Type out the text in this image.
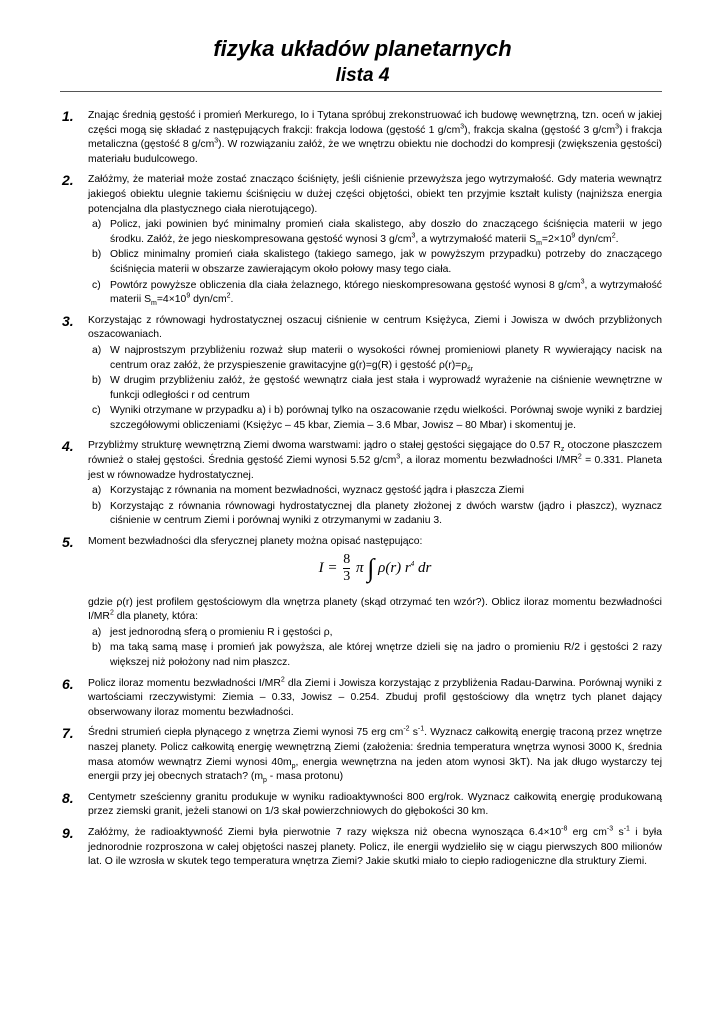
fizyka układów planetarnych
lista 4
1. Znając średnią gęstość i promień Merkurego, Io i Tytana spróbuj zrekonstruować ich budowę wewnętrzną, tzn. oceń w jakiej części mogą się składać z następujących frakcji: frakcja lodowa (gęstość 1 $g/cm^3$), frakcja skalna (gęstość 3 $g/cm^3$) i frakcja metaliczna (gęstość 8 $g/cm^3$). W rozwiązaniu załóż, że we wnętrzu obiektu nie dochodzi do kompresji (zwiększenia gęstości) materiału budulcowego.

2. Załóżmy, że materiał może zostać znacząco ściśnięty, jeśli ciśnienie przewyższa jego wytrzymałość. Gdy materia wewnątrz jakiegoś obiektu ulegnie takiemu ściśnięciu w dużej części objętości, obiekt ten przyjmie kształt kulisty (najniższa energia potencjalna dla plastycznego ciała nierotującego).

a) Policz, jaki powinien być minimalny promień ciała skalistego, aby doszło do znaczącego ściśnięcia materii w jego środku. Załóż, że jego nieskompresowana gęstość wynosi 3 $g/cm^3$, a wytrzymałość materii $S_m=2\times 10^9$ dyn/$cm^2$.

b) Oblicz minimalny promień ciała skalistego (takiego samego, jak w powyższym przypadku) potrzeby do znaczącego ściśnięcia materii w obszarze zawierającym około połowy masy tego ciała.

c) Powtórz powyższe obliczenia dla ciała żelaznego, którego nieskompresowana gęstość wynosi 8 $g/cm^3$, a wytrzymałość materii $S_m=4\times 10^9$ dyn/$cm^2$.

3. Korzystając z równowagi hydrostatycznej oszacuj ciśnienie w centrum Księżyca, Ziemi i Jowisza w dwóch przybliżonych oszacowaniach.

a) W najprostszym przybliżeniu rozważ słup materii o wysokości równej promieniowi planety R wywierający nacisk na centrum oraz załóż, że przyspieszenie grawitacyjne g(r)=g(R) i gęstość $\rho(r)=\rho_{śr}$

b) W drugim przybliżeniu załóż, że gęstość wewnątrz ciała jest stała i wyprowadź wyrażenie na ciśnienie wewnętrzne w funkcji odległości r od centrum

c) Wyniki otrzymane w przypadku a) i b) porównaj tylko na oszacowanie rzędu wielkości. Porównaj swoje wyniki z bardziej szczegółowymi obliczeniami (Księżyc – 45 kbar, Ziemia – 3.6 Mbar, Jowisz – 80 Mbar) i skomentuj je.

4. Przybliżmy strukturę wewnętrzną Ziemi dwoma warstwami: jądro o stałej gęstości sięgające do 0.57 $R_z$ otoczone płaszczem również o stałej gęstości. Średnia gęstość Ziemi wynosi 5.52 $g/cm^3$, a iloraz momentu bezwładności $I/MR^2 = 0.331$. Planeta jest w równowadze hydrostatycznej.

a) Korzystając z równania na moment bezwładności, wyznacz gęstość jądra i płaszcza Ziemi

b) Korzystając z równania równowagi hydrostatycznej dla planety złożonej z dwóch warstw (jądro i płaszcz), wyznacz ciśnienie w centrum Ziemi i porównaj wyniki z otrzymanymi w zadaniu 3.

5. Moment bezwładności dla sferycznej planety można opisać następująco:

$I = \frac{8}{3}$ π ∫ ρ(r) $r^4$ dr

gdzie ρ(r) jest profilem gęstościowym dla wnętrza planety (skąd otrzymać ten wzór?). Oblicz iloraz momentu bezwładności $I/MR^2$ dla planety, która:

a) jest jednorodną sferą o promieniu R i gęstości ρ,

b) ma taką samą masę i promień jak powyższa, ale której wnętrze dzieli się na jadro o promieniu R/2 i gęstości 2 razy większej niż położony nad nim płaszcz.

6. Policz iloraz momentu bezwładności $I/MR^2$ dla Ziemi i Jowisza korzystając z przybliżenia Radau-Darwina. Porównaj wyniki z wartościami rzeczywistymi: Ziemia – 0.33, Jowisz – 0.254. Zbuduj profil gęstościowy dla wnętrz tych planet dający obserwowany iloraz momentu bezwładności.

7. Średni strumień ciepła płynącego z wnętrza Ziemi wynosi 75 erg $cm^{-2}$ $s^{-1}$. Wyznacz całkowitą energię traconą przez wnętrze naszej planety. Policz całkowitą energię wewnętrzną Ziemi (założenia: średnia temperatura wnętrza wynosi 3000 K, średnia masa atomów wewnątrz Ziemi wynosi $40m_p$, energia wewnętrzna na jeden atom wynosi 3kT). Na jak długo wystarczy tej energii przy jej obecnych stratach? ($m_p$ - masa protonu)

8. Centymetr sześcienny granitu produkuje w wyniku radioaktywności 800 erg/rok. Wyznacz całkowitą energię produkowaną przez ziemski granit, jeżeli stanowi on 1/3 skał powierzchniowych do głębokości 30 km.

9. Załóżmy, że radioaktywność Ziemi była pierwotnie 7 razy większa niż obecna wynosząca $6.4\times 10^{-8}$ erg $cm^{-3}$ $s^{-1}$ i była jednorodnie rozproszona w całej objętości naszej planety. Policz, ile energii wydzieliło się w ciągu pierwszych 800 milionów lat. O ile wzrosła w skutek tego temperatura wnętrza Ziemi? Jakie skutki miało to ciepło radiogeniczne dla struktury Ziemi.
